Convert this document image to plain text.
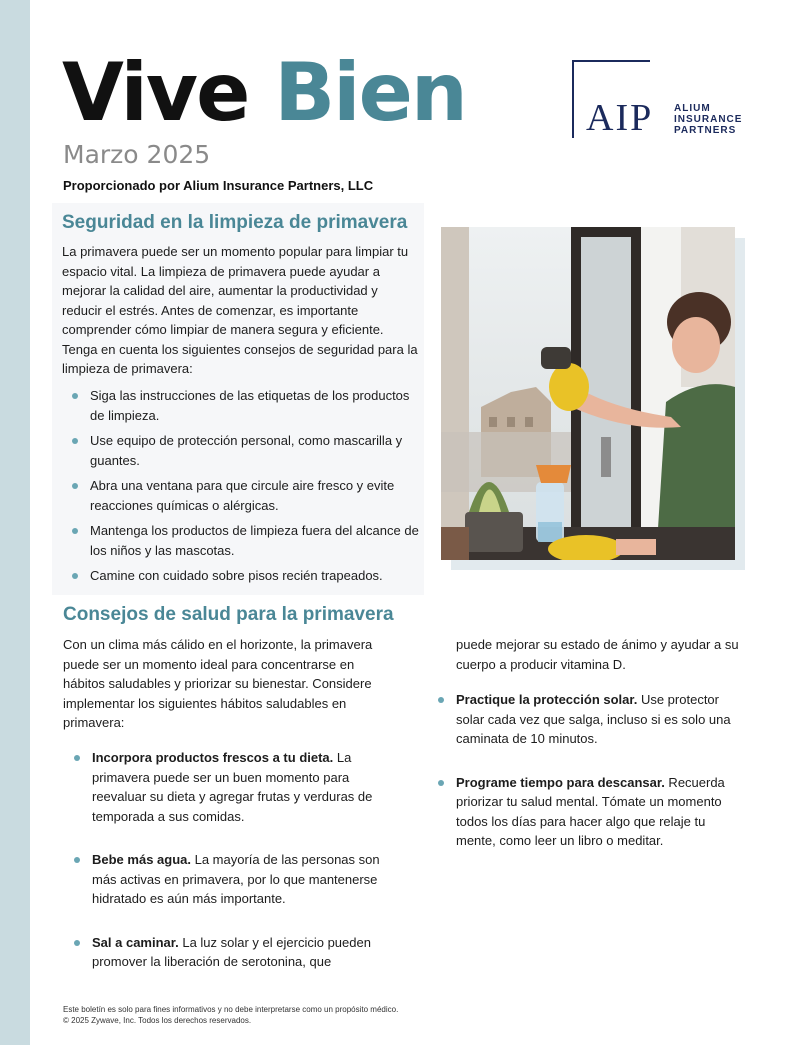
Vive Bien
Marzo 2025
Proporcionado por Alium Insurance Partners, LLC
AIP ALIUM
INSURANCE
PARTNERS
Seguridad en la limpieza de primavera

La primavera puede ser un momento popular para limpiar tu espacio vital. La limpieza de primavera puede ayudar a mejorar la calidad del aire, aumentar la productividad y reducir el estrés. Antes de comenzar, es importante comprender cómo limpiar de manera segura y eficiente. Tenga en cuenta los siguientes consejos de seguridad para la limpieza de primavera:

Siga las instrucciones de las etiquetas de los productos de limpieza.
Use equipo de protección personal, como mascarilla y guantes.
Abra una ventana para que circule aire fresco y evite reacciones químicas o alérgicas.
Mantenga los productos de limpieza fuera del alcance de los niños y las mascotas.
Camine con cuidado sobre pisos recién trapeados.
Consejos de salud para la primavera

Con un clima más cálido en el horizonte, la primavera puede ser un momento ideal para concentrarse en hábitos saludables y priorizar su bienestar. Considere implementar los siguientes hábitos saludables en primavera:

Incorpora productos frescos a tu dieta. La primavera puede ser un buen momento para reevaluar su dieta y agregar frutas y verduras de temporada a sus comidas.
Bebe más agua. La mayoría de las personas son más activas en primavera, por lo que mantenerse hidratado es aún más importante.
Sal a caminar. La luz solar y el ejercicio pueden promover la liberación de serotonina, que
puede mejorar su estado de ánimo y ayudar a su cuerpo a producir vitamina D.
Practique la protección solar. Use protector solar cada vez que salga, incluso si es solo una caminata de 10 minutos.
Programe tiempo para descansar. Recuerda priorizar tu salud mental. Tómate un momento todos los días para hacer algo que relaje tu mente, como leer un libro o meditar.
Este boletín es solo para fines informativos y no debe interpretarse como un propósito médico.
© 2025 Zywave, Inc. Todos los derechos reservados.
